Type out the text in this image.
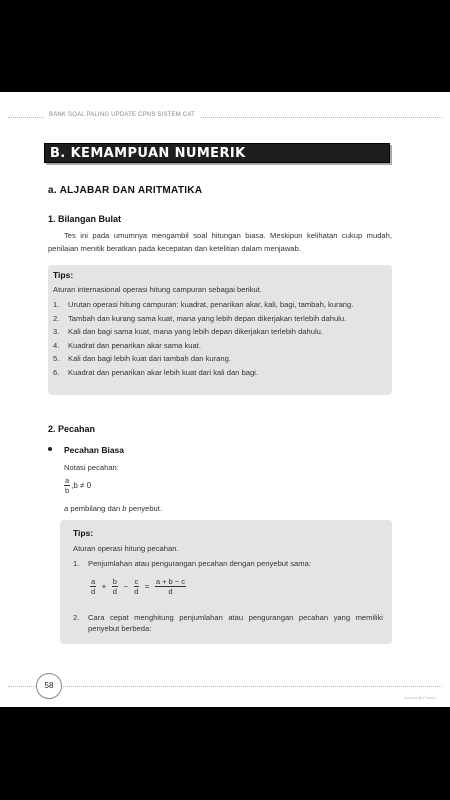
BANK SOAL PALING UPDATE CPNS SISTEM CAT
B. KEMAMPUAN NUMERIK
a. ALJABAR DAN ARITMATIKA
1. Bilangan Bulat
Tes ini pada umumnya mengambil soal hitungan biasa. Meskipun kelihatan cukup mudah, penilaian menitik beratkan pada kecepatan dan ketelitian dalam menjawab.
Tips:
Aturan internasional operasi hitung campuran sebagai berikut.
1. Urutan operasi hitung campuran: kuadrat, penarikan akar, kali, bagi, tambah, kurang.
2. Tambah dan kurang sama kuat, mana yang lebih depan dikerjakan terlebih dahulu.
3. Kali dan bagi sama kuat, mana yang lebih depan dikerjakan terlebih dahulu.
4. Kuadrat dan penarikan akar sama kuat.
5. Kali dan bagi lebih kuat dari tambah dan kurang.
6. Kuadrat dan penarikan akar lebih kuat dari kali dan bagi.
2. Pecahan
Pecahan Biasa
Notasi pecahan:
$\frac{a}{b} ,b \ne 0$
a pembilang dan b penyebut.
Tips:
Aturan operasi hitung pecahan.
1. Penjumlahan atau pengurangan pecahan dengan penyebut sama:
$\frac{a}{d} + \frac{b}{d} - \frac{c}{d} = \frac{a + b - c}{d}$
2. Cara cepat menghitung penjumlahan atau pengurangan pecahan yang memiliki penyebut berbeda:
58
Transmedia Pustaka
